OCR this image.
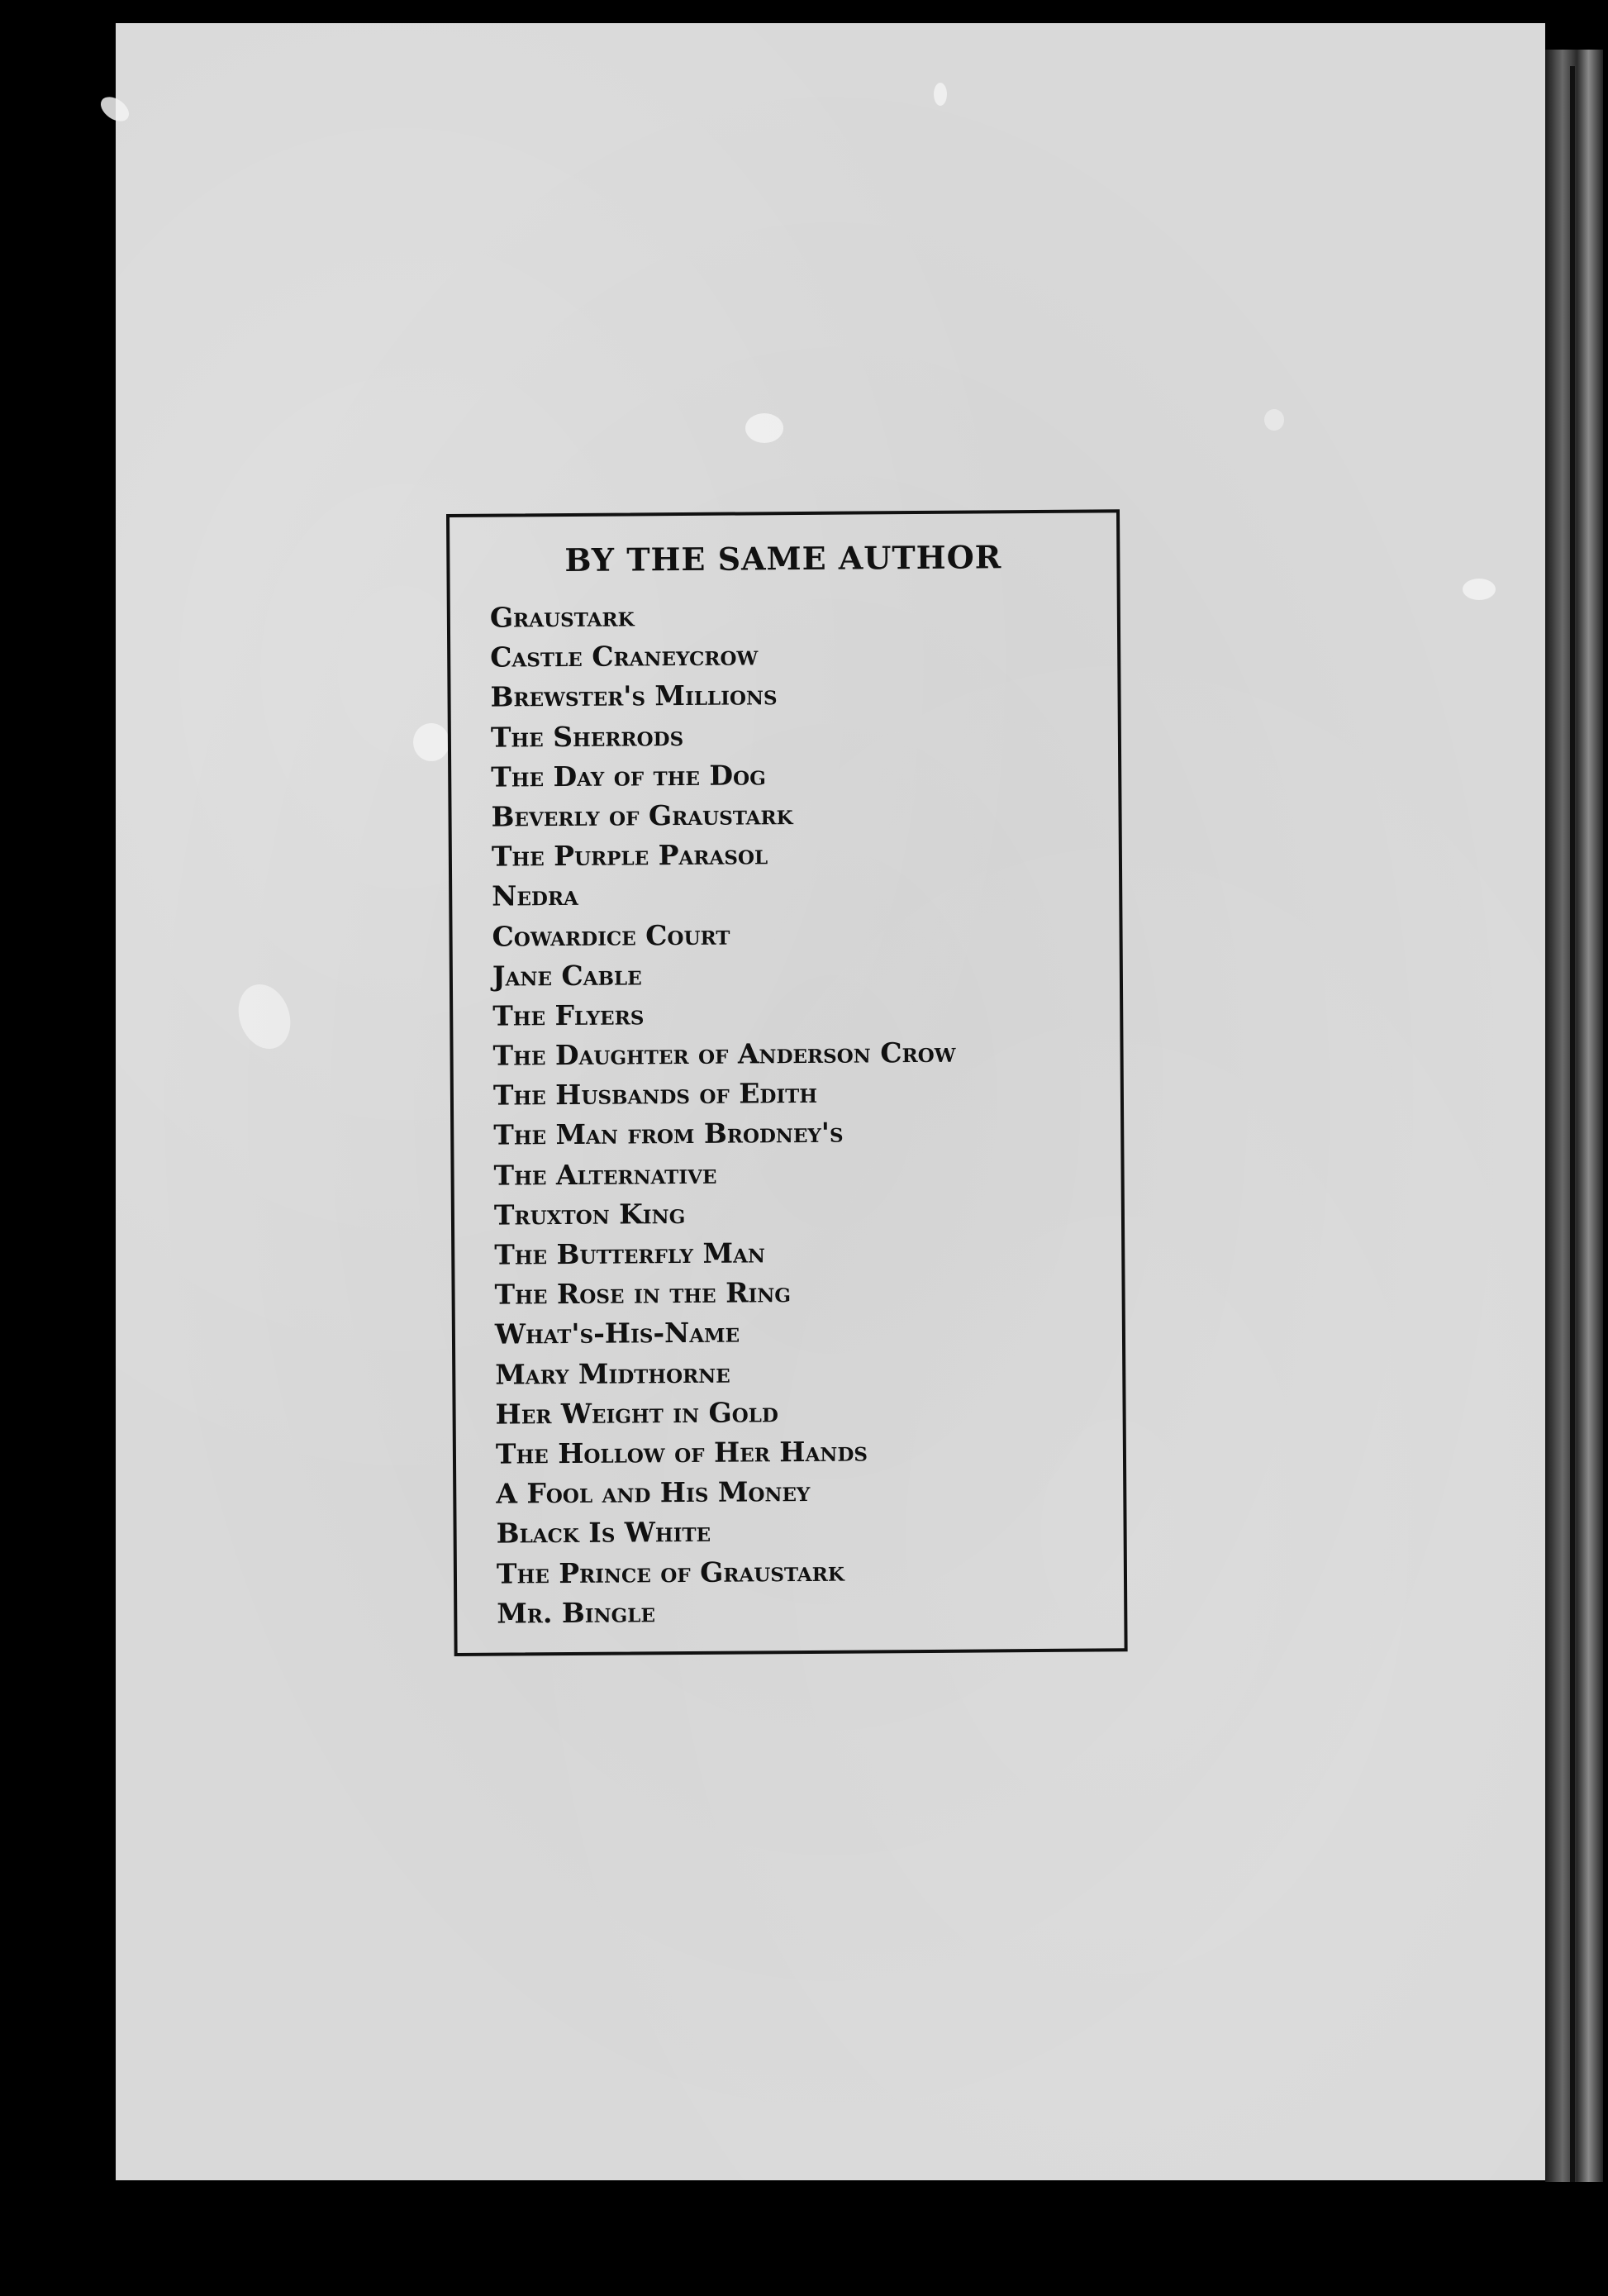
BY THE SAME AUTHOR
Graustark
Castle Craneycrow
Brewster's Millions
The Sherrods
The Day of the Dog
Beverly of Graustark
The Purple Parasol
Nedra
Cowardice Court
Jane Cable
The Flyers
The Daughter of Anderson Crow
The Husbands of Edith
The Man from Brodney's
The Alternative
Truxton King
The Butterfly Man
The Rose in the Ring
What's-His-Name
Mary Midthorne
Her Weight in Gold
The Hollow of Her Hands
A Fool and His Money
Black Is White
The Prince of Graustark
Mr. Bingle
